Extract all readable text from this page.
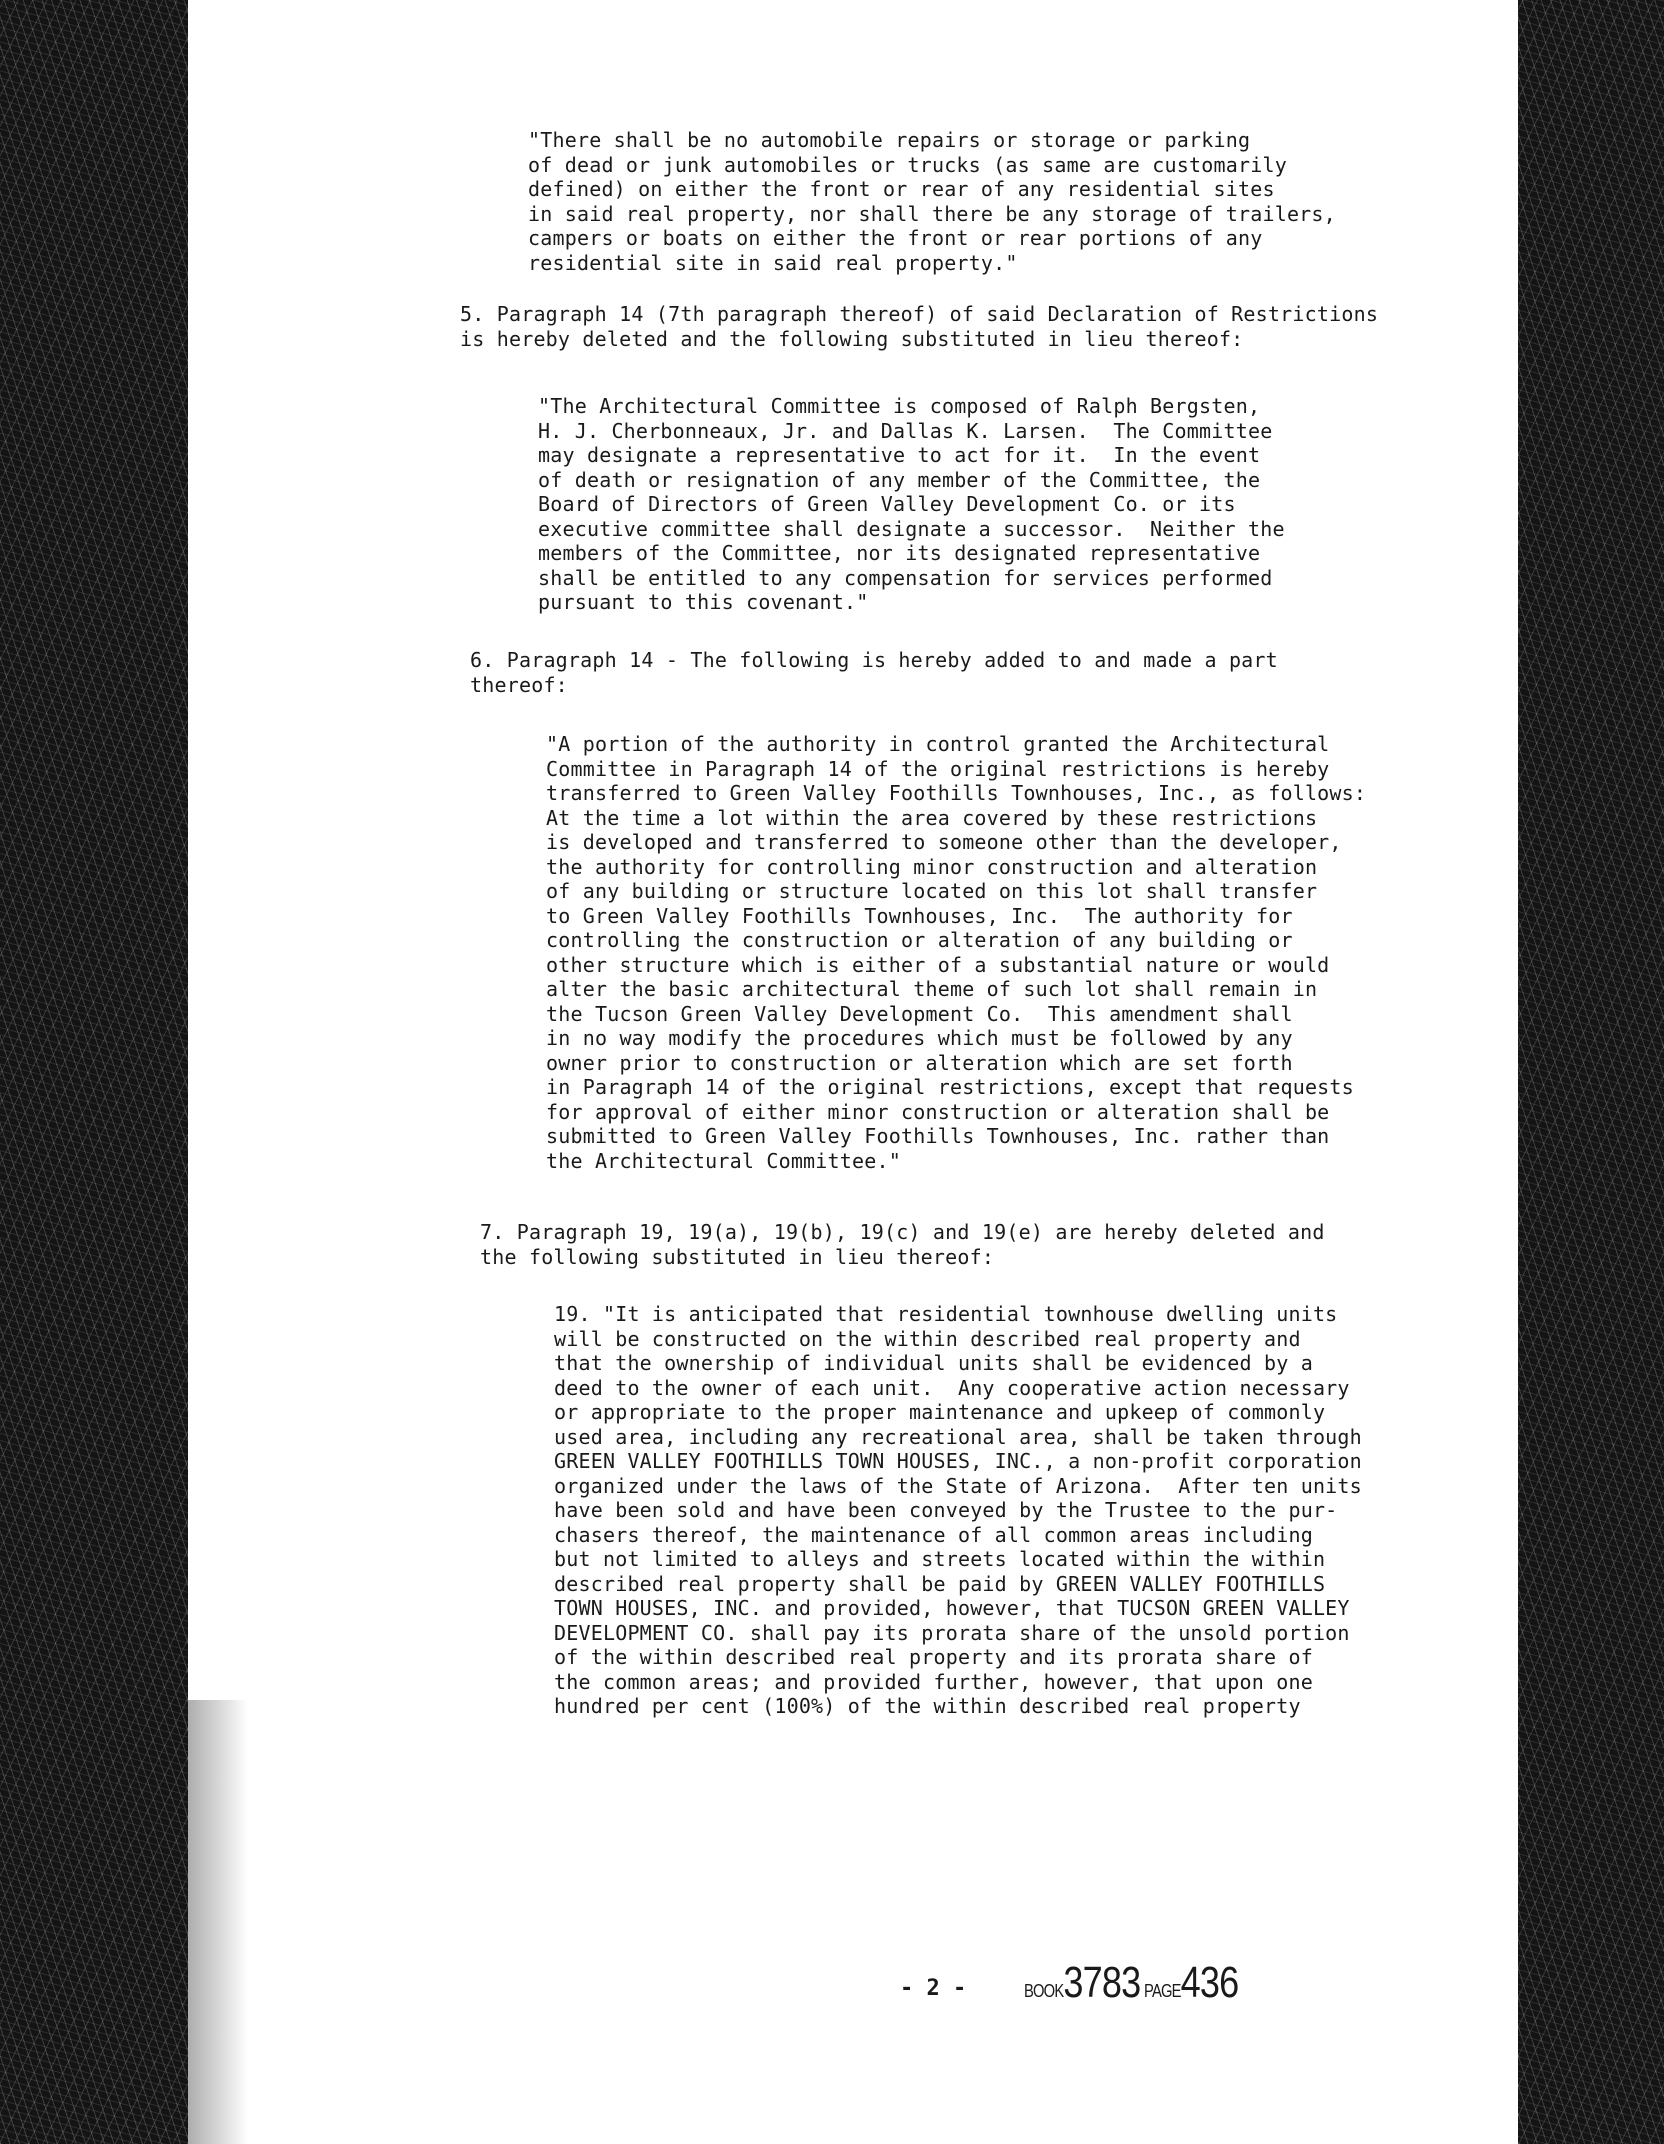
"There shall be no automobile repairs or storage or parking
of dead or junk automobiles or trucks (as same are customarily
defined) on either the front or rear of any residential sites
in said real property, nor shall there be any storage of trailers,
campers or boats on either the front or rear portions of any
residential site in said real property."
5. Paragraph 14 (7th paragraph thereof) of said Declaration of Restrictions
is hereby deleted and the following substituted in lieu thereof:
"The Architectural Committee is composed of Ralph Bergsten,
H. J. Cherbonneaux, Jr. and Dallas K. Larsen.  The Committee
may designate a representative to act for it.  In the event
of death or resignation of any member of the Committee, the
Board of Directors of Green Valley Development Co. or its
executive committee shall designate a successor.  Neither the
members of the Committee, nor its designated representative
shall be entitled to any compensation for services performed
pursuant to this covenant."
6. Paragraph 14 - The following is hereby added to and made a part
thereof:
"A portion of the authority in control granted the Architectural
Committee in Paragraph 14 of the original restrictions is hereby
transferred to Green Valley Foothills Townhouses, Inc., as follows:
At the time a lot within the area covered by these restrictions
is developed and transferred to someone other than the developer,
the authority for controlling minor construction and alteration
of any building or structure located on this lot shall transfer
to Green Valley Foothills Townhouses, Inc.  The authority for
controlling the construction or alteration of any building or
other structure which is either of a substantial nature or would
alter the basic architectural theme of such lot shall remain in
the Tucson Green Valley Development Co.  This amendment shall
in no way modify the procedures which must be followed by any
owner prior to construction or alteration which are set forth
in Paragraph 14 of the original restrictions, except that requests
for approval of either minor construction or alteration shall be
submitted to Green Valley Foothills Townhouses, Inc. rather than
the Architectural Committee."
7. Paragraph 19, 19(a), 19(b), 19(c) and 19(e) are hereby deleted and
the following substituted in lieu thereof:
19. "It is anticipated that residential townhouse dwelling units
will be constructed on the within described real property and
that the ownership of individual units shall be evidenced by a
deed to the owner of each unit.  Any cooperative action necessary
or appropriate to the proper maintenance and upkeep of commonly
used area, including any recreational area, shall be taken through
GREEN VALLEY FOOTHILLS TOWN HOUSES, INC., a non-profit corporation
organized under the laws of the State of Arizona.  After ten units
have been sold and have been conveyed by the Trustee to the pur-
chasers thereof, the maintenance of all common areas including
but not limited to alleys and streets located within the within
described real property shall be paid by GREEN VALLEY FOOTHILLS
TOWN HOUSES, INC. and provided, however, that TUCSON GREEN VALLEY
DEVELOPMENT CO. shall pay its prorata share of the unsold portion
of the within described real property and its prorata share of
the common areas; and provided further, however, that upon one
hundred per cent (100%) of the within described real property
- 2 -	BOOK3783 PAGE436
